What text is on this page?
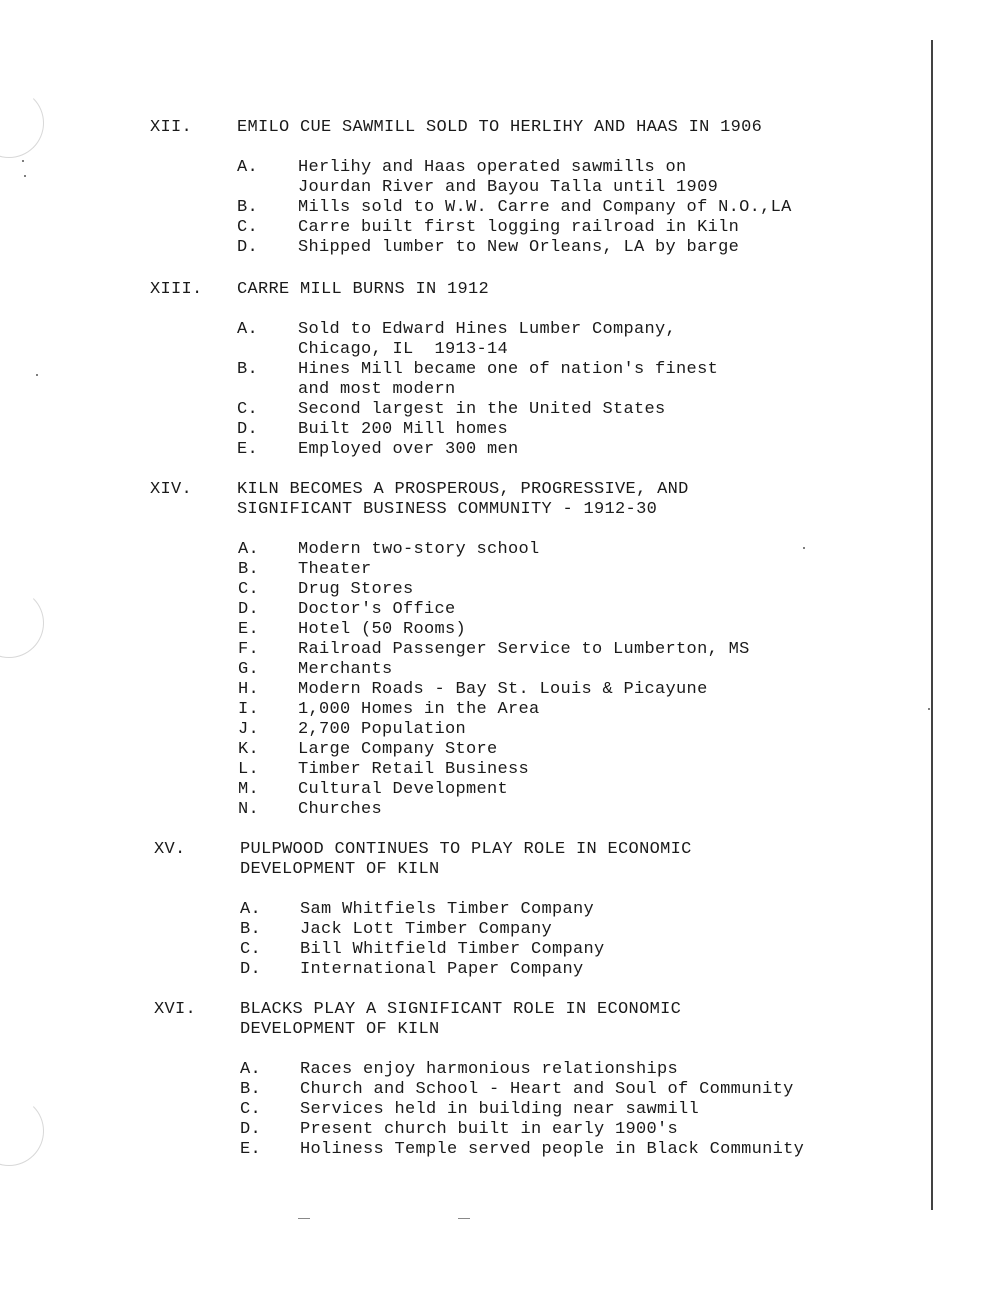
XII.	EMILO CUE SAWMILL SOLD TO HERLIHY AND HAAS IN 1906

A.

Herlihy and Haas operated sawmills on
Jourdan River and Bayou Talla until 1909

B.

Mills sold to W.W. Carre and Company of N.O.,LA

C.

Carre built first logging railroad in Kiln

D.

Shipped lumber to New Orleans, LA by barge

XIII. CARRE MILL BURNS IN 1912

A.

Sold to Edward Hines Lumber Company,
Chicago, IL  1913-14

B.

Hines Mill became one of nation's finest
and most modern

C.

Second largest in the United States

D.

Built 200 Mill homes

E.

Employed over 300 men

XIV.	KILN BECOMES A PROSPEROUS, PROGRESSIVE, AND
SIGNIFICANT BUSINESS COMMUNITY - 1912-30

A.

Modern two-story school

B.

Theater

C.

Drug Stores

D.

Doctor's Office

E.

Hotel (50 Rooms)

F.

Railroad Passenger Service to Lumberton, MS

G.

Merchants

H.

Modern Roads - Bay St. Louis & Picayune

I.

1,000 Homes in the Area

J.

2,700 Population

K.

Large Company Store

L.

Timber Retail Business

M.

Cultural Development

N.

Churches

XV.	PULPWOOD CONTINUES TO PLAY ROLE IN ECONOMIC
DEVELOPMENT OF KILN

A.

Sam Whitfiels Timber Company

B.

Jack Lott Timber Company

C.

Bill Whitfield Timber Company

D.

International Paper Company

XVI.	BLACKS PLAY A SIGNIFICANT ROLE IN ECONOMIC
DEVELOPMENT OF KILN

A.

Races enjoy harmonious relationships

B.

Church and School - Heart and Soul of Community

C.

Services held in building near sawmill

D.

Present church built in early 1900's

E.

Holiness Temple served people in Black Community
